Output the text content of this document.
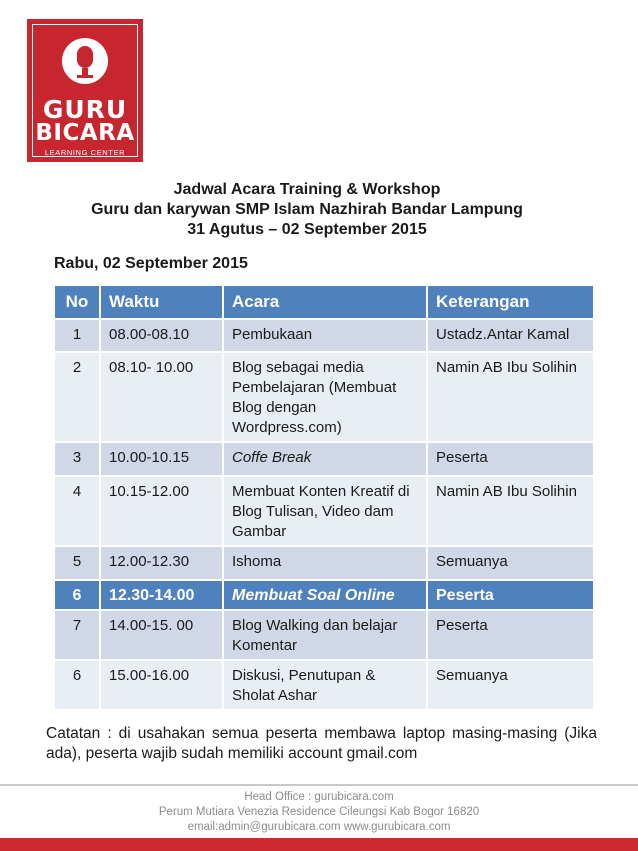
GURU
BICARA
LEARNING CENTER
Jadwal Acara Training & Workshop
Guru dan karywan SMP Islam Nazhirah Bandar Lampung
31 Agutus – 02 September 2015
Rabu, 02 September 2015
No	Waktu	Acara	Keterangan
1	08.00-08.10	Pembukaan	Ustadz.Antar Kamal
2	08.10- 10.00	Blog sebagai media Pembelajaran (Membuat Blog dengan Wordpress.com)	Namin AB Ibu Solihin
3	10.00-10.15	Coffe Break	Peserta
4	10.15-12.00	Membuat Konten Kreatif di Blog Tulisan, Video dam Gambar	Namin AB Ibu Solihin
5	12.00-12.30	Ishoma	Semuanya
6	12.30-14.00	Membuat Soal Online	Peserta
7	14.00-15. 00	Blog Walking dan belajar Komentar	Peserta
6	15.00-16.00	Diskusi, Penutupan & Sholat Ashar	Semuanya
Catatan : di usahakan semua peserta membawa laptop masing-masing (Jika ada), peserta wajib sudah memiliki account gmail.com
Head Office : gurubicara.com
Perum Mutiara Venezia Residence Cileungsi Kab Bogor 16820
email:admin@gurubicara.com www.gurubicara.com
